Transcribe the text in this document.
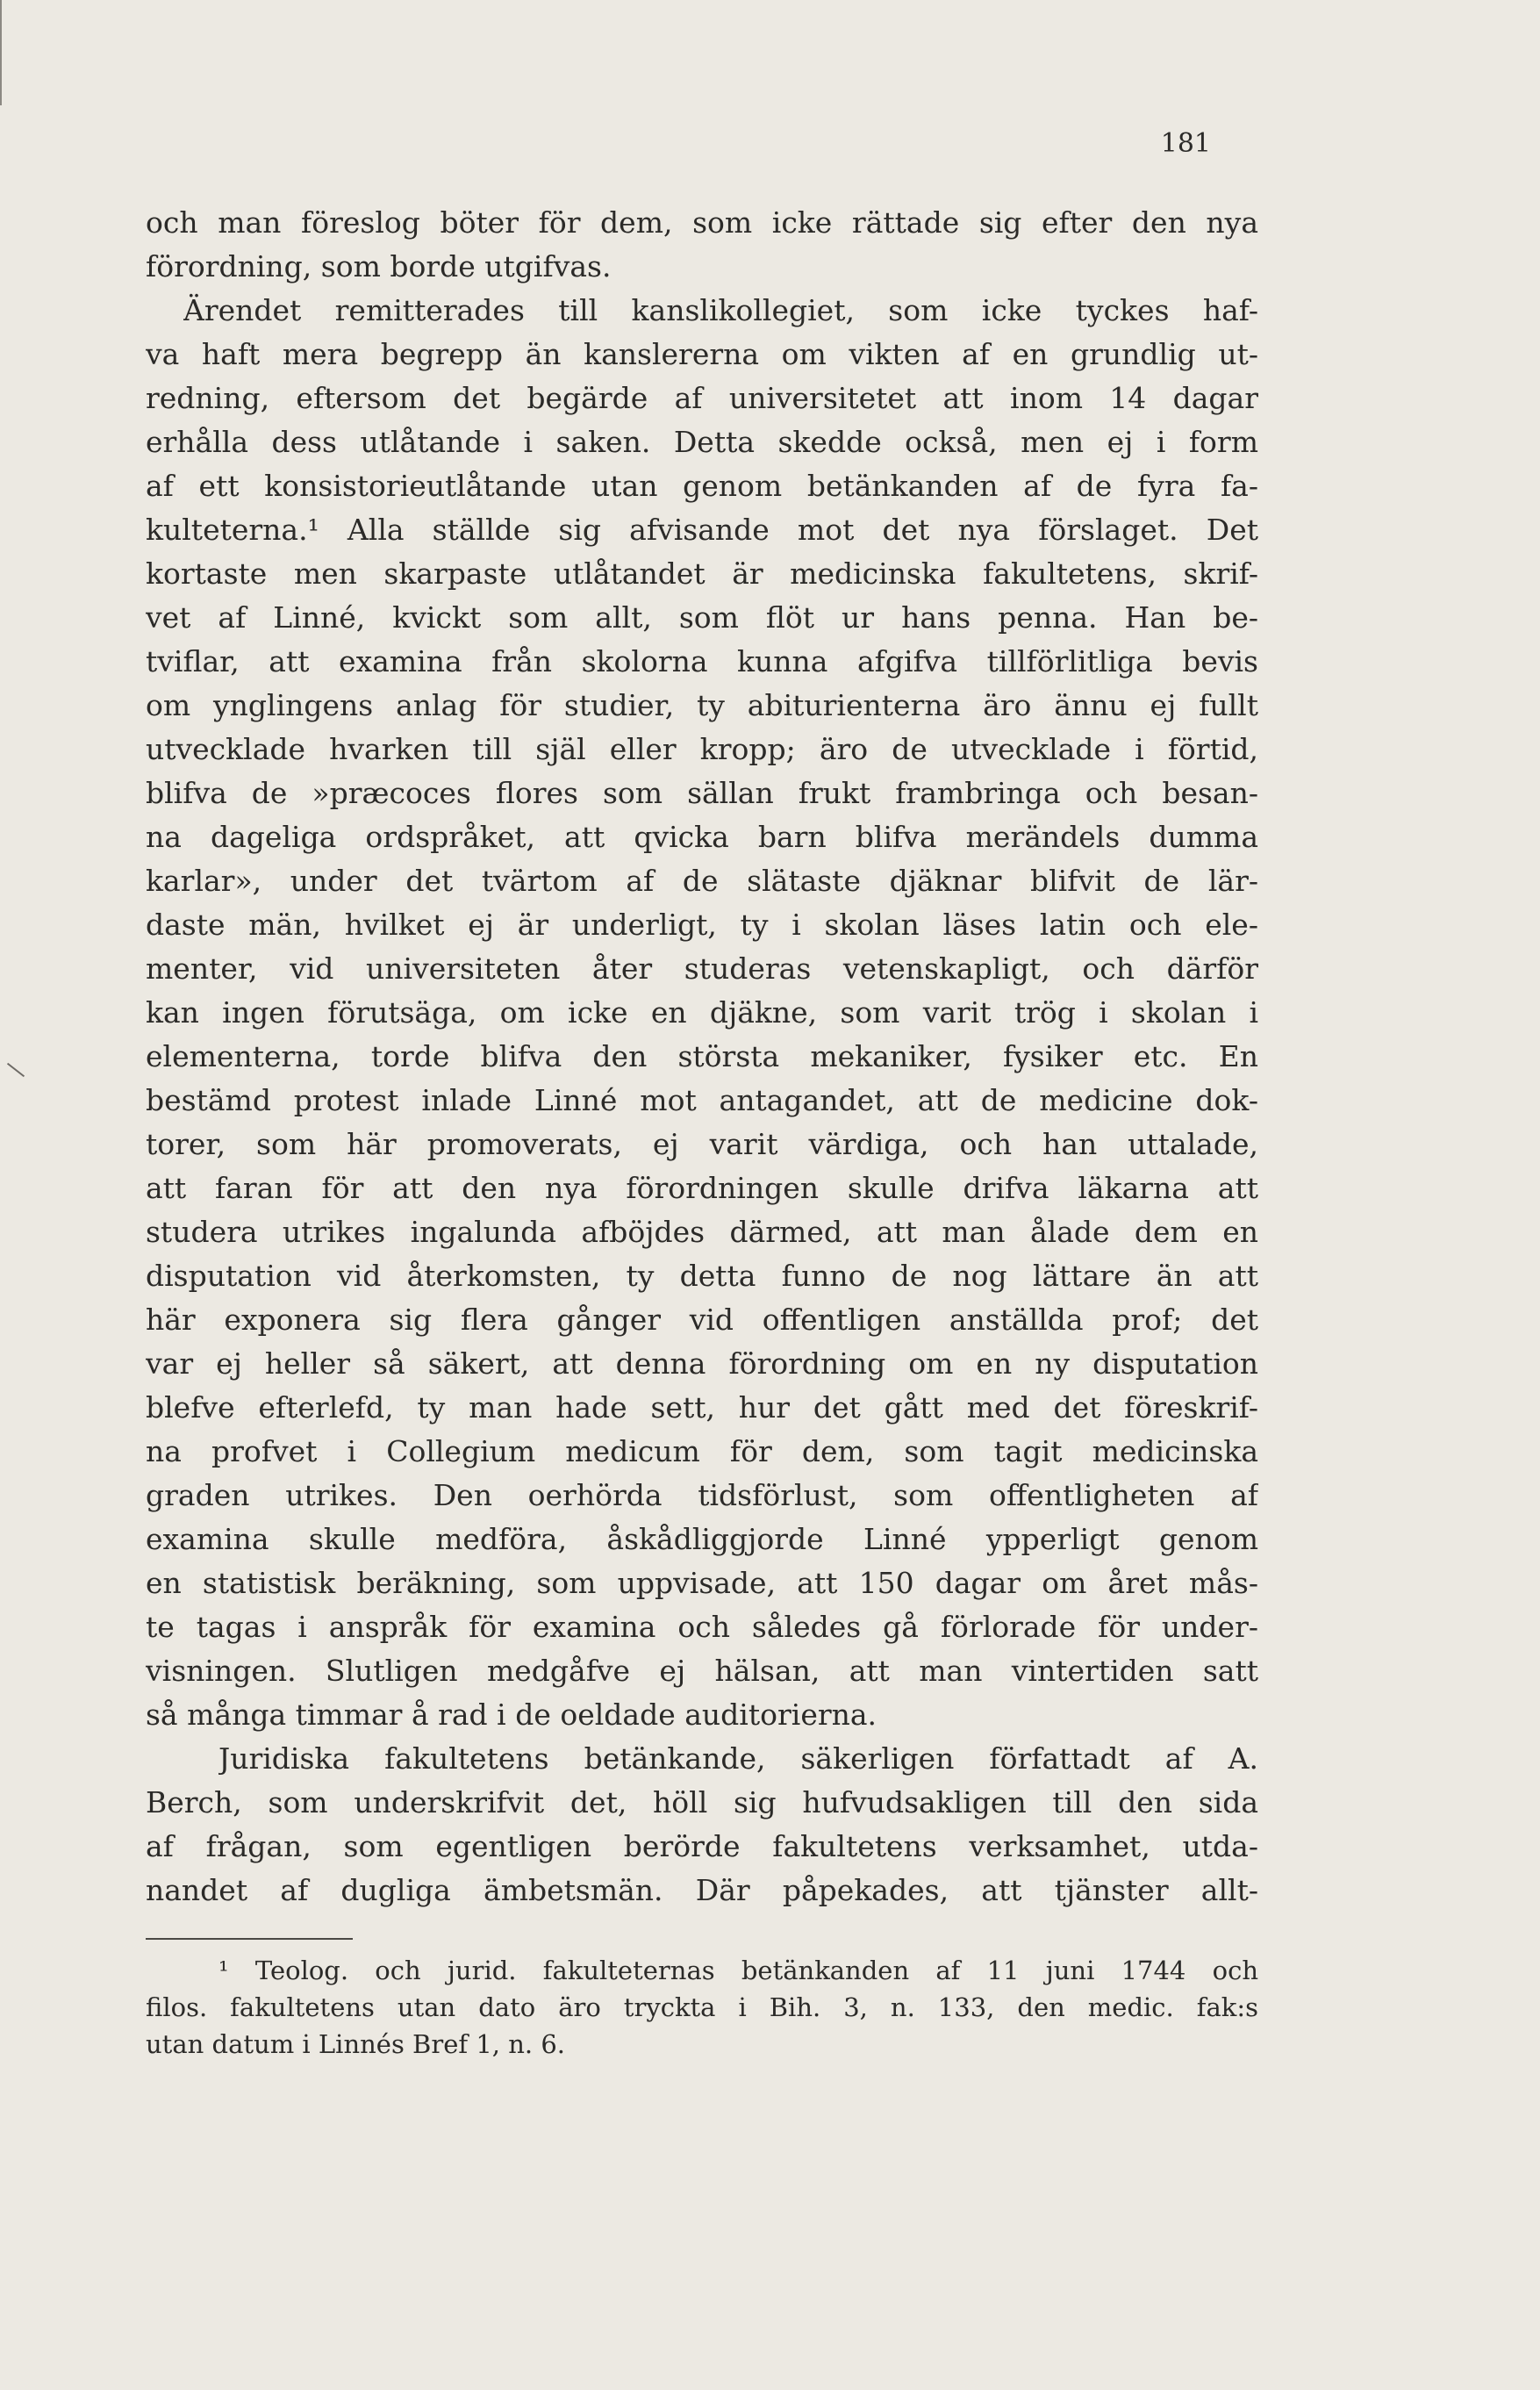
181
och man föreslog böter för dem, som icke rättade sig efter den nya
förordning, som borde utgifvas.
Ärendet remitterades till kanslikollegiet, som icke tyckes haf-
va haft mera begrepp än kanslererna om vikten af en grundlig ut-
redning, eftersom det begärde af universitetet att inom 14 dagar
erhålla dess utlåtande i saken. Detta skedde också, men ej i form
af ett konsistorieutlåtande utan genom betänkanden af de fyra fa-
kulteterna.¹ Alla ställde sig afvisande mot det nya förslaget. Det
kortaste men skarpaste utlåtandet är medicinska fakultetens, skrif-
vet af Linné, kvickt som allt, som flöt ur hans penna. Han be-
tviflar, att examina från skolorna kunna afgifva tillförlitliga bevis
om ynglingens anlag för studier, ty abiturienterna äro ännu ej fullt
utvecklade hvarken till själ eller kropp; äro de utvecklade i förtid,
blifva de »præcoces flores som sällan frukt frambringa och besan-
na dageliga ordspråket, att qvicka barn blifva merändels dumma
karlar», under det tvärtom af de slätaste djäknar blifvit de lär-
daste män, hvilket ej är underligt, ty i skolan läses latin och ele-
menter, vid universiteten åter studeras vetenskapligt, och därför
kan ingen förutsäga, om icke en djäkne, som varit trög i skolan i
elementerna, torde blifva den största mekaniker, fysiker etc. En
bestämd protest inlade Linné mot antagandet, att de medicine dok-
torer, som här promoverats, ej varit värdiga, och han uttalade,
att faran för att den nya förordningen skulle drifva läkarna att
studera utrikes ingalunda afböjdes därmed, att man ålade dem en
disputation vid återkomsten, ty detta funno de nog lättare än att
här exponera sig flera gånger vid offentligen anställda prof; det
var ej heller så säkert, att denna förordning om en ny disputation
blefve efterlefd, ty man hade sett, hur det gått med det föreskrif-
na profvet i Collegium medicum för dem, som tagit medicinska
graden utrikes. Den oerhörda tidsförlust, som offentligheten af
examina skulle medföra, åskådliggjorde Linné ypperligt genom
en statistisk beräkning, som uppvisade, att 150 dagar om året mås-
te tagas i anspråk för examina och således gå förlorade för under-
visningen. Slutligen medgåfve ej hälsan, att man vintertiden satt
så många timmar å rad i de oeldade auditorierna.
Juridiska fakultetens betänkande, säkerligen författadt af A.
Berch, som underskrifvit det, höll sig hufvudsakligen till den sida
af frågan, som egentligen berörde fakultetens verksamhet, utda-
nandet af dugliga ämbetsmän. Där påpekades, att tjänster allt-
¹ Teolog. och jurid. fakulteternas betänkanden af 11 juni 1744 och
filos. fakultetens utan dato äro tryckta i Bih. 3, n. 133, den medic. fak:s
utan datum i Linnés Bref 1, n. 6.
